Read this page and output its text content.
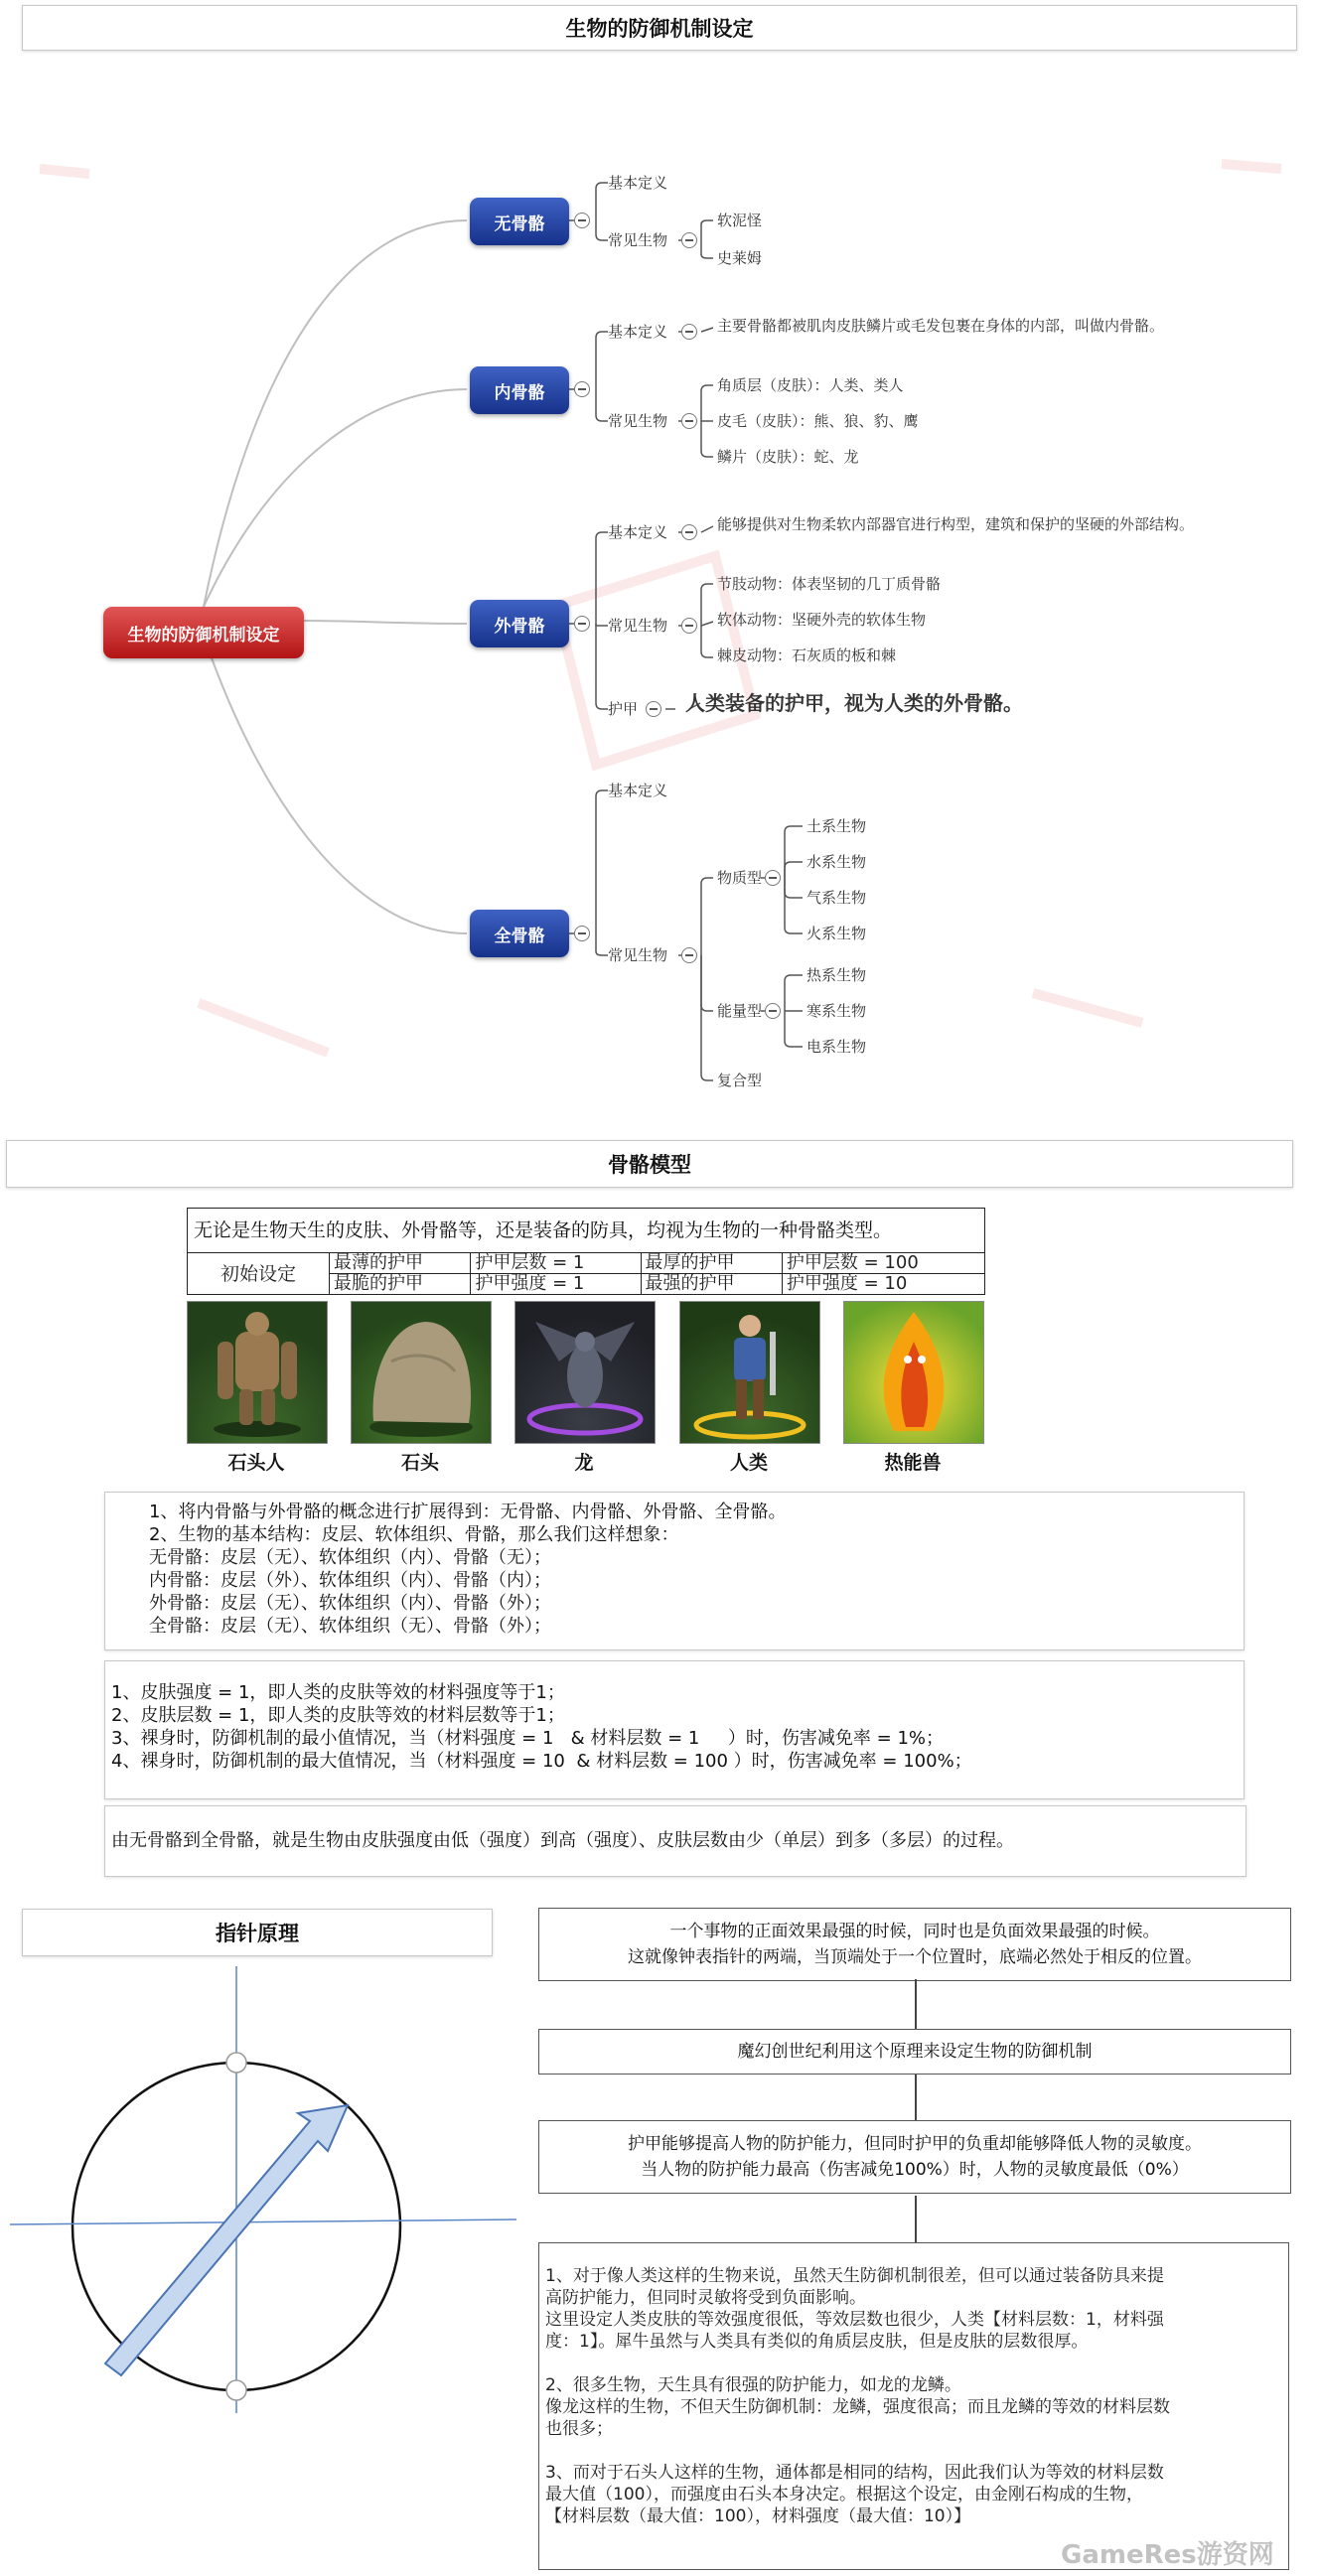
生物的防御机制设定
生物的防御机制设定
无骨骼
基本定义
常见生物
软泥怪
史莱姆
内骨骼
基本定义	主要骨骼都被肌肉皮肤鳞片或毛发包裹在身体的内部，叫做内骨骼。
常见生物
角质层（皮肤）：人类、类人
皮毛（皮肤）：熊、狼、豹、鹰
鳞片（皮肤）：蛇、龙
外骨骼
基本定义	能够提供对生物柔软内部器官进行构型，建筑和保护的坚硬的外部结构。
常见生物
节肢动物：体表坚韧的几丁质骨骼
软体动物：坚硬外壳的软体生物
棘皮动物：石灰质的板和棘
护甲 人类装备的护甲，视为人类的外骨骼。
全骨骼
基本定义
常见生物
物质型
土系生物
水系生物
气系生物
火系生物
能量型
热系生物
寒系生物
电系生物
复合型
骨骼模型
无论是生物天生的皮肤、外骨骼等，还是装备的防具，均视为生物的一种骨骼类型。
初始设定	最薄的护甲	护甲层数 = 1	最厚的护甲	护甲层数 = 100
	最脆的护甲	护甲强度 = 1	最强的护甲	护甲强度 = 10
石头人	石头	龙	人类	热能兽
1、将内骨骼与外骨骼的概念进行扩展得到：无骨骼、内骨骼、外骨骼、全骨骼。
2、生物的基本结构：皮层、软体组织、骨骼，那么我们这样想象：
无骨骼：皮层（无）、软体组织（内）、骨骼（无）；
内骨骼：皮层（外）、软体组织（内）、骨骼（内）；
外骨骼：皮层（无）、软体组织（内）、骨骼（外）；
全骨骼：皮层（无）、软体组织（无）、骨骼（外）；
1、皮肤强度 = 1，即人类的皮肤等效的材料强度等于1；
2、皮肤层数 = 1，即人类的皮肤等效的材料层数等于1；
3、裸身时，防御机制的最小值情况，当（材料强度 = 1   & 材料层数 = 1     ）时，伤害减免率 = 1%；
4、裸身时，防御机制的最大值情况，当（材料强度 = 10  & 材料层数 = 100 ）时，伤害减免率 = 100%；
由无骨骼到全骨骼，就是生物由皮肤强度由低（强度）到高（强度）、皮肤层数由少（单层）到多（多层）的过程。
指针原理	一个事物的正面效果最强的时候，同时也是负面效果最强的时候。
这就像钟表指针的两端，当顶端处于一个位置时，底端必然处于相反的位置。
魔幻创世纪利用这个原理来设定生物的防御机制
护甲能够提高人物的防护能力，但同时护甲的负重却能够降低人物的灵敏度。
当人物的防护能力最高（伤害减免100%）时，人物的灵敏度最低（0%）
1、对于像人类这样的生物来说，虽然天生防御机制很差，但可以通过装备防具来提
高防护能力，但同时灵敏将受到负面影响。
这里设定人类皮肤的等效强度很低，等效层数也很少，人类【材料层数：1，材料强
度：1】。犀牛虽然与人类具有类似的角质层皮肤，但是皮肤的层数很厚。
2、很多生物，天生具有很强的防护能力，如龙的龙鳞。
像龙这样的生物，不但天生防御机制：龙鳞，强度很高；而且龙鳞的等效的材料层数
也很多；
3、而对于石头人这样的生物，通体都是相同的结构，因此我们认为等效的材料层数
最大值（100），而强度由石头本身决定。根据这个设定，由金刚石构成的生物，
【材料层数（最大值：100），材料强度（最大值：10）】
GameRes游资网
